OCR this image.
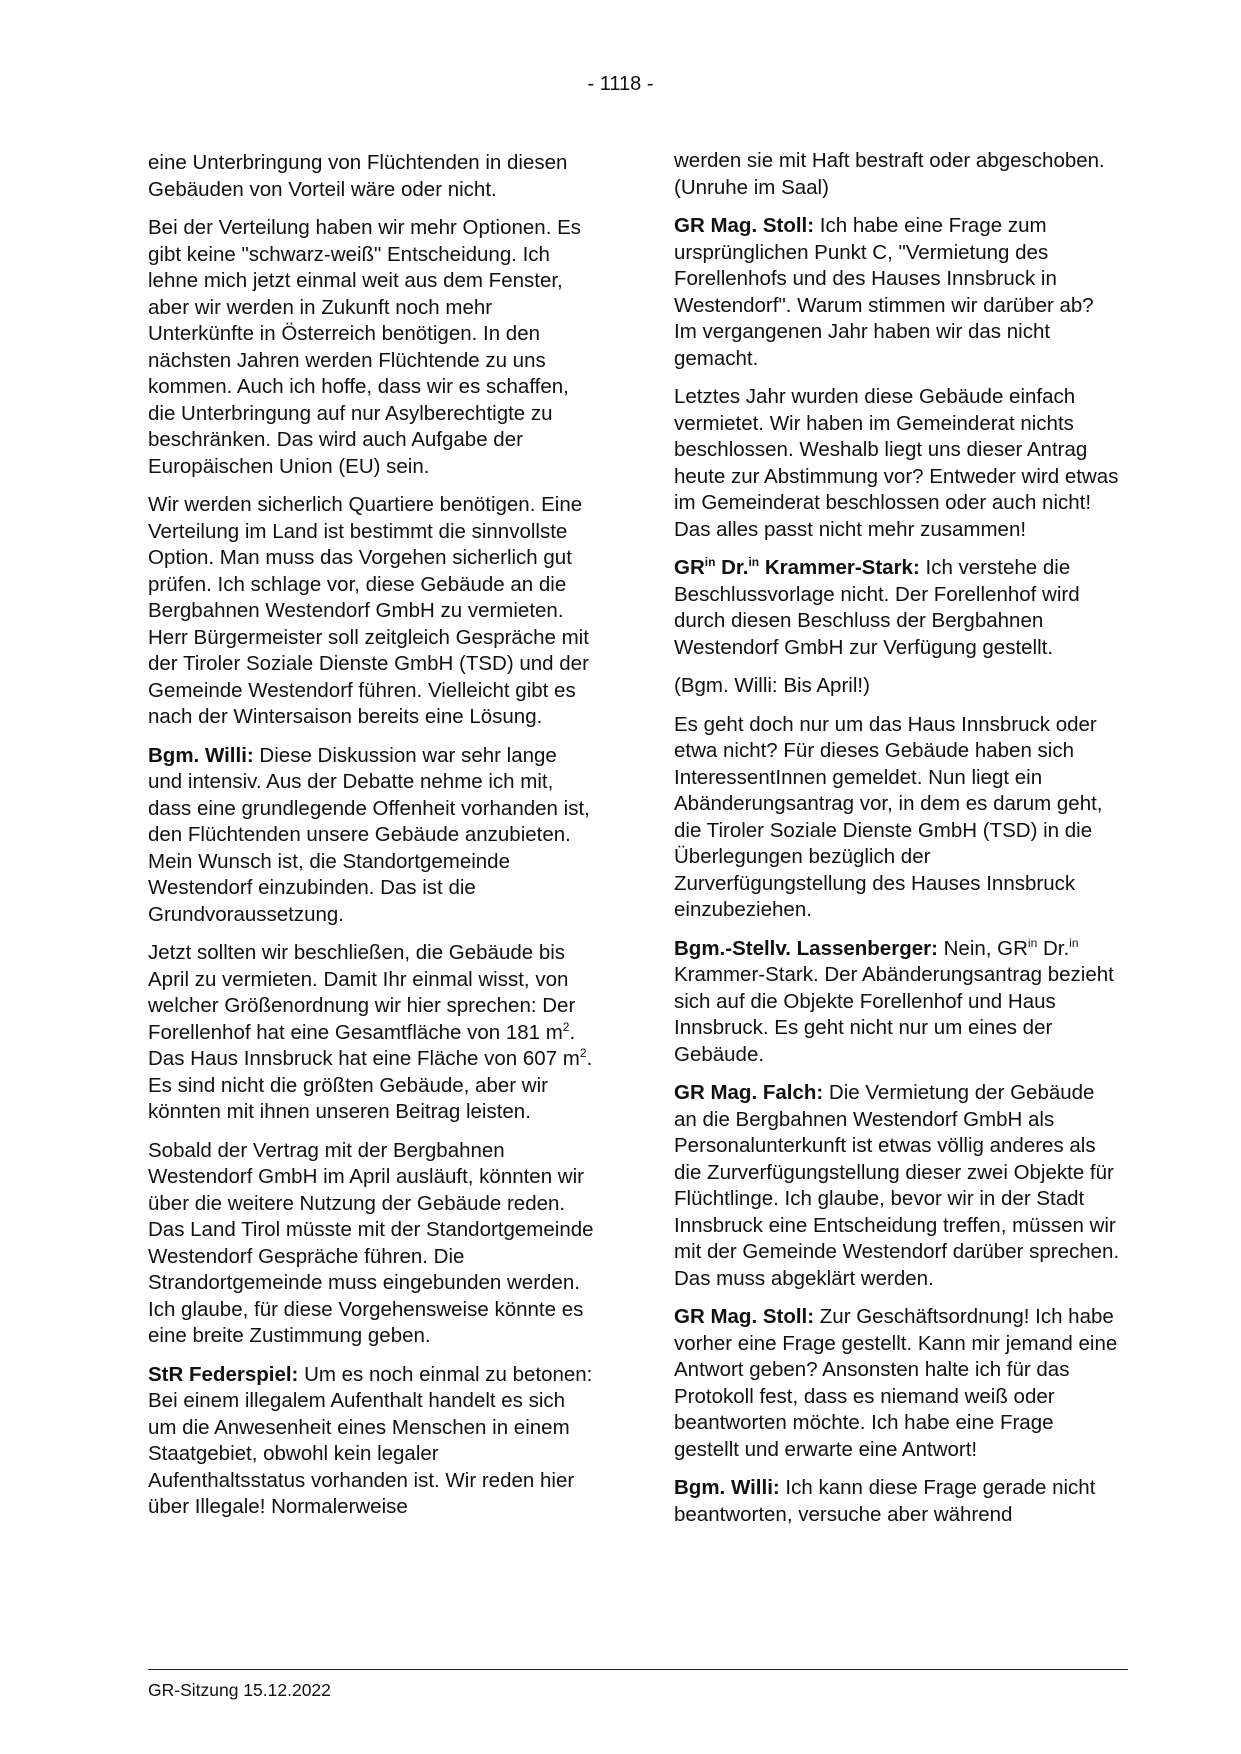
- 1118 -

eine Unterbringung von Flüchtenden in diesen Gebäuden von Vorteil wäre oder nicht.

Bei der Verteilung haben wir mehr Optionen. Es gibt keine "schwarz-weiß" Entscheidung. Ich lehne mich jetzt einmal weit aus dem Fenster, aber wir werden in Zukunft noch mehr Unterkünfte in Österreich benötigen. In den nächsten Jahren werden Flüchtende zu uns kommen. Auch ich hoffe, dass wir es schaffen, die Unterbringung auf nur Asylberechtigte zu beschränken. Das wird auch Aufgabe der Europäischen Union (EU) sein.

Wir werden sicherlich Quartiere benötigen. Eine Verteilung im Land ist bestimmt die sinnvollste Option. Man muss das Vorgehen sicherlich gut prüfen. Ich schlage vor, diese Gebäude an die Bergbahnen Westendorf GmbH zu vermieten. Herr Bürgermeister soll zeitgleich Gespräche mit der Tiroler Soziale Dienste GmbH (TSD) und der Gemeinde Westendorf führen. Vielleicht gibt es nach der Wintersaison bereits eine Lösung.

Bgm. Willi: Diese Diskussion war sehr lange und intensiv. Aus der Debatte nehme ich mit, dass eine grundlegende Offenheit vorhanden ist, den Flüchtenden unsere Gebäude anzubieten. Mein Wunsch ist, die Standortgemeinde Westendorf einzubinden. Das ist die Grundvoraussetzung.

Jetzt sollten wir beschließen, die Gebäude bis April zu vermieten. Damit Ihr einmal wisst, von welcher Größenordnung wir hier sprechen: Der Forellenhof hat eine Gesamtfläche von 181 $m^2$. Das Haus Innsbruck hat eine Fläche von 607 $m^2$. Es sind nicht die größten Gebäude, aber wir könnten mit ihnen unseren Beitrag leisten.

Sobald der Vertrag mit der Bergbahnen Westendorf GmbH im April ausläuft, könnten wir über die weitere Nutzung der Gebäude reden. Das Land Tirol müsste mit der Standortgemeinde Westendorf Gespräche führen. Die Strandortgemeinde muss eingebunden werden. Ich glaube, für diese Vorgehensweise könnte es eine breite Zustimmung geben.

StR Federspiel: Um es noch einmal zu betonen: Bei einem illegalem Aufenthalt handelt es sich um die Anwesenheit eines Menschen in einem Staatgebiet, obwohl kein legaler Aufenthaltsstatus vorhanden ist. Wir reden hier über Illegale! Normalerweise

werden sie mit Haft bestraft oder abgeschoben. (Unruhe im Saal)

GR Mag. Stoll: Ich habe eine Frage zum ursprünglichen Punkt C, "Vermietung des Forellenhofs und des Hauses Innsbruck in Westendorf". Warum stimmen wir darüber ab? Im vergangenen Jahr haben wir das nicht gemacht.

Letztes Jahr wurden diese Gebäude einfach vermietet. Wir haben im Gemeinderat nichts beschlossen. Weshalb liegt uns dieser Antrag heute zur Abstimmung vor? Entweder wird etwas im Gemeinderat beschlossen oder auch nicht! Das alles passt nicht mehr zusammen!

$GR^{in}$ Dr.$^{in}$ Krammer-Stark: Ich verstehe die Beschlussvorlage nicht. Der Forellenhof wird durch diesen Beschluss der Bergbahnen Westendorf GmbH zur Verfügung gestellt.

(Bgm. Willi: Bis April!)

Es geht doch nur um das Haus Innsbruck oder etwa nicht? Für dieses Gebäude haben sich InteressentInnen gemeldet. Nun liegt ein Abänderungsantrag vor, in dem es darum geht, die Tiroler Soziale Dienste GmbH (TSD) in die Überlegungen bezüglich der Zurverfügungstellung des Hauses Innsbruck einzubeziehen.

Bgm.-Stellv. Lassenberger: Nein, $GR^{in}$ Dr.$^{in}$ Krammer-Stark. Der Abänderungsantrag bezieht sich auf die Objekte Forellenhof und Haus Innsbruck. Es geht nicht nur um eines der Gebäude.

GR Mag. Falch: Die Vermietung der Gebäude an die Bergbahnen Westendorf GmbH als Personalunterkunft ist etwas völlig anderes als die Zurverfügungstellung dieser zwei Objekte für Flüchtlinge. Ich glaube, bevor wir in der Stadt Innsbruck eine Entscheidung treffen, müssen wir mit der Gemeinde Westendorf darüber sprechen. Das muss abgeklärt werden.

GR Mag. Stoll: Zur Geschäftsordnung! Ich habe vorher eine Frage gestellt. Kann mir jemand eine Antwort geben? Ansonsten halte ich für das Protokoll fest, dass es niemand weiß oder beantworten möchte. Ich habe eine Frage gestellt und erwarte eine Antwort!

Bgm. Willi: Ich kann diese Frage gerade nicht beantworten, versuche aber während

GR-Sitzung 15.12.2022
